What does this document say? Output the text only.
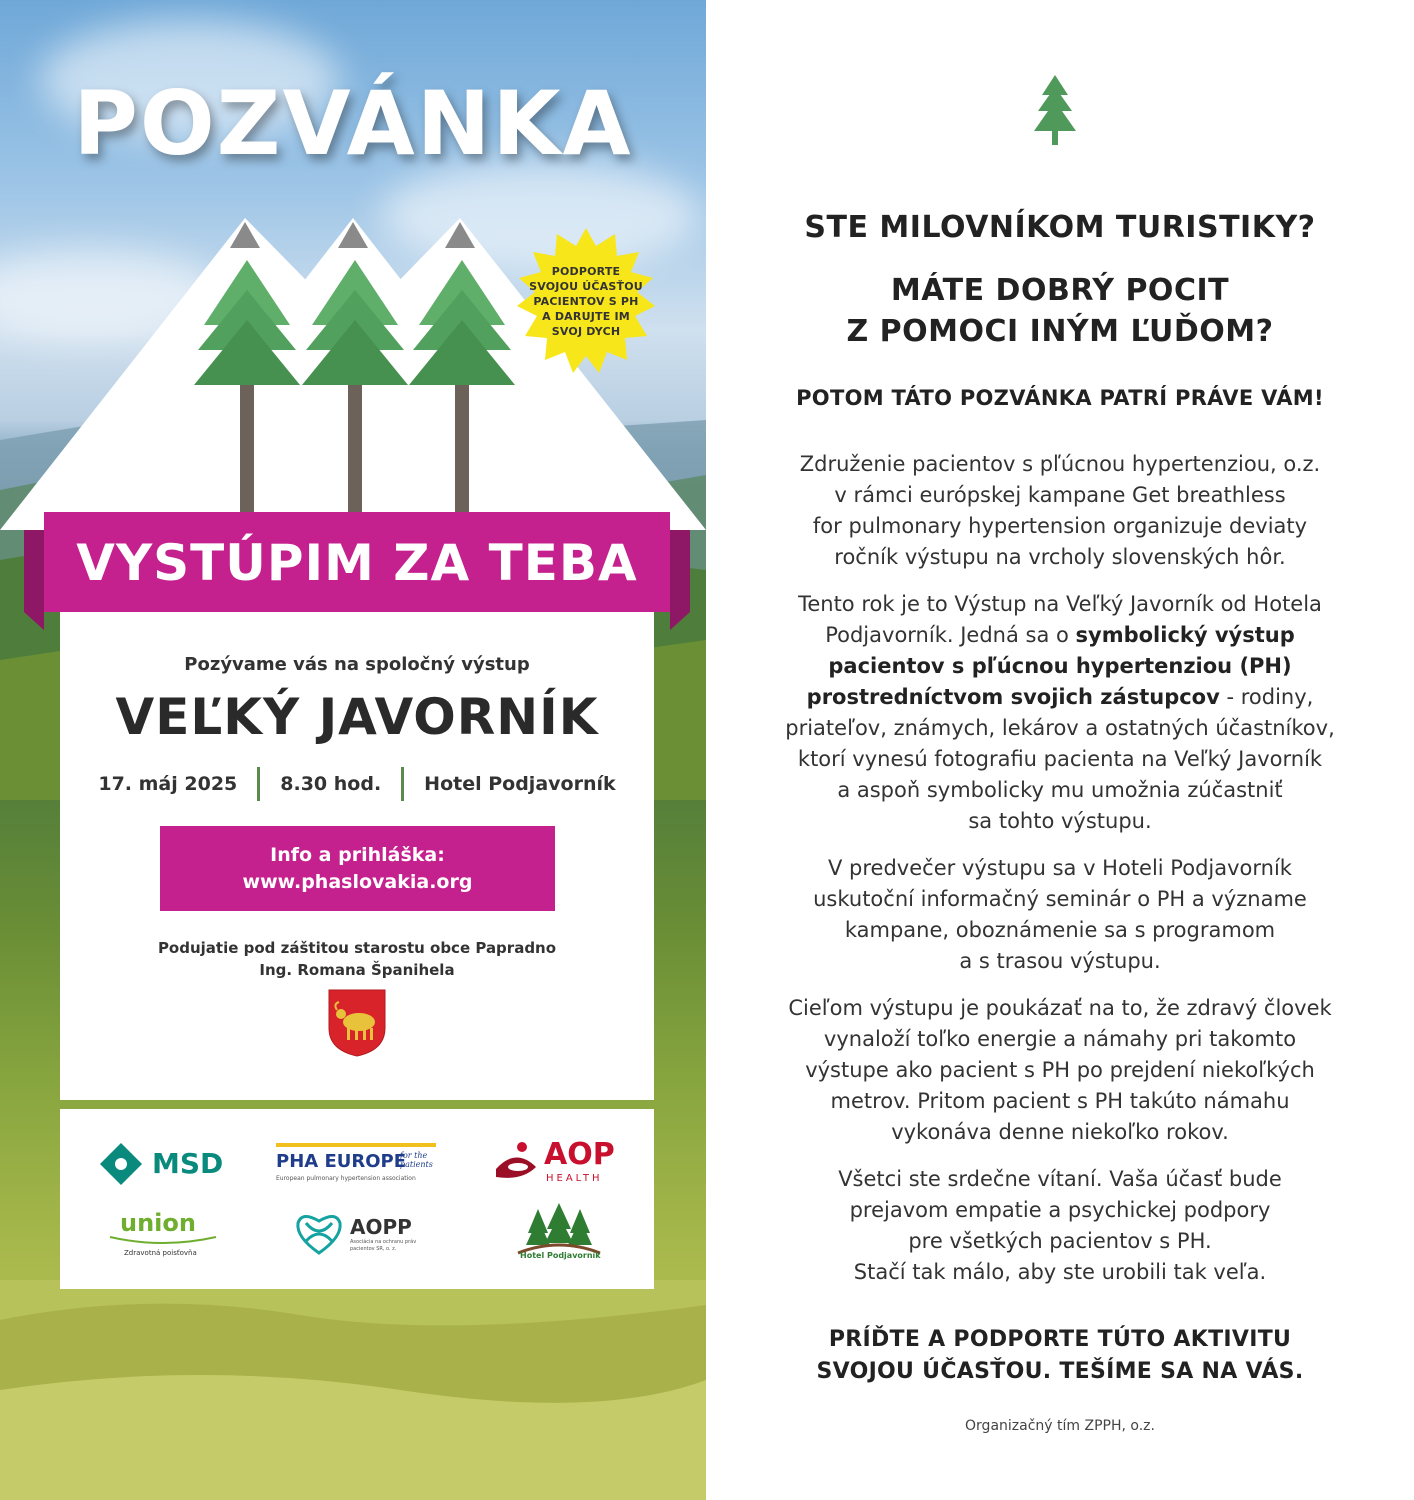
POZVÁNKA
PODPORTE
SVOJOU ÚČASŤOU
PACIENTOV S PH
A DARUJTE IM
SVOJ DYCH
VYSTÚPIM ZA TEBA
Pozývame vás na spoločný výstup
VEĽKÝ JAVORNÍK
17. máj 2025 8.30 hod. Hotel Podjavorník
Info a prihláška:
www.phaslovakia.org
Podujatie pod záštitou starostu obce Papradno
Ing. Romana Španihela
MSD	PHA EUROPE
for the patients
European pulmonary hypertension association
AOP
HEALTH
union
Zdravotná poisťovňa
AOPP
Asociácia na ochranu práv
pacientov SR, o. z.
Hotel Podjavorník
STE MILOVNÍKOM TURISTIKY?
MÁTE DOBRÝ POCIT
Z POMOCI INÝM ĽUĎOM?
POTOM TÁTO POZVÁNKA PATRÍ PRÁVE VÁM!
Združenie pacientov s pľúcnou hypertenziou, o.z.
v rámci európskej kampane Get breathless
for pulmonary hypertension organizuje deviaty
ročník výstupu na vrcholy slovenských hôr.
Tento rok je to Výstup na Veľký Javorník od Hotela
Podjavorník. Jedná sa o symbolický výstup
pacientov s pľúcnou hypertenziou (PH)
prostredníctvom svojich zástupcov - rodiny,
priateľov, známych, lekárov a ostatných účastníkov,
ktorí vynesú fotografiu pacienta na Veľký Javorník
a aspoň symbolicky mu umožnia zúčastniť
sa tohto výstupu.
V predvečer výstupu sa v Hoteli Podjavorník
uskutoční informačný seminár o PH a význame
kampane, oboznámenie sa s programom
a s trasou výstupu.
Cieľom výstupu je poukázať na to, že zdravý človek
vynaloží toľko energie a námahy pri takomto
výstupe ako pacient s PH po prejdení niekoľkých
metrov. Pritom pacient s PH takúto námahu
vykonáva denne niekoľko rokov.
Všetci ste srdečne vítaní. Vaša účasť bude
prejavom empatie a psychickej podpory
pre všetkých pacientov s PH.
Stačí tak málo, aby ste urobili tak veľa.
PRÍĎTE A PODPORTE TÚTO AKTIVITU
SVOJOU ÚČASŤOU. TEŠÍME SA NA VÁS.
Organizačný tím ZPPH, o.z.
